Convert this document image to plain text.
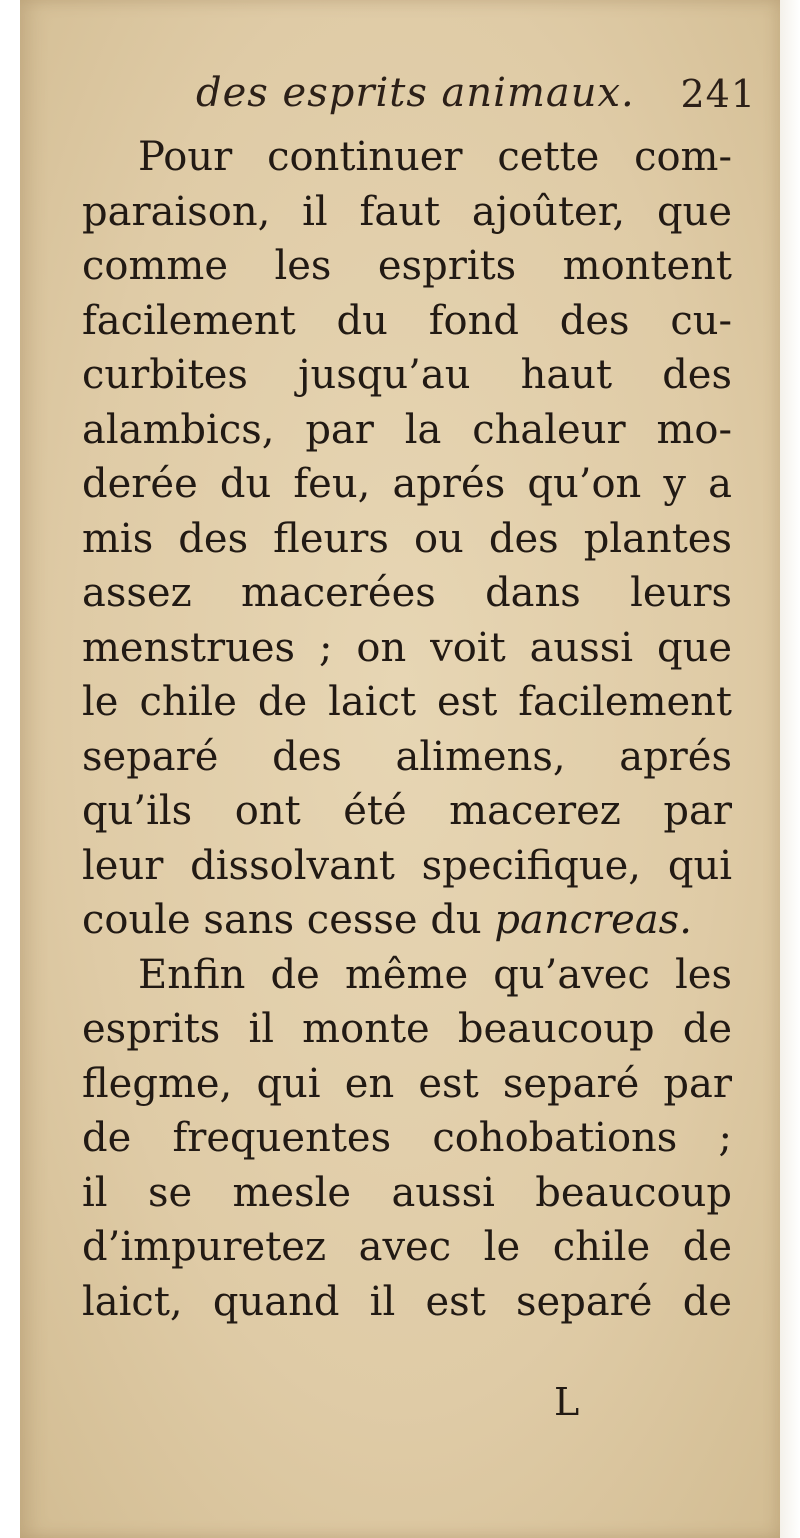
des esprits animaux. 241
Pour continuer cette com-
paraison, il faut ajoûter, que
comme les esprits montent
facilement du fond des cu-
curbites jusqu’au haut des
alambics, par la chaleur mo-
derée du feu, aprés qu’on y a
mis des fleurs ou des plantes
assez macerées dans leurs
menstrues ; on voit aussi que
le chile de laict est facilement
separé des alimens, aprés
qu’ils ont été macerez par
leur dissolvant specifique, qui
coule sans cesse du pancreas.
Enfin de même qu’avec les
esprits il monte beaucoup de
flegme, qui en est separé par
de frequentes cohobations ;
il se mesle aussi beaucoup
d’impuretez avec le chile de
laict, quand il est separé de
L
